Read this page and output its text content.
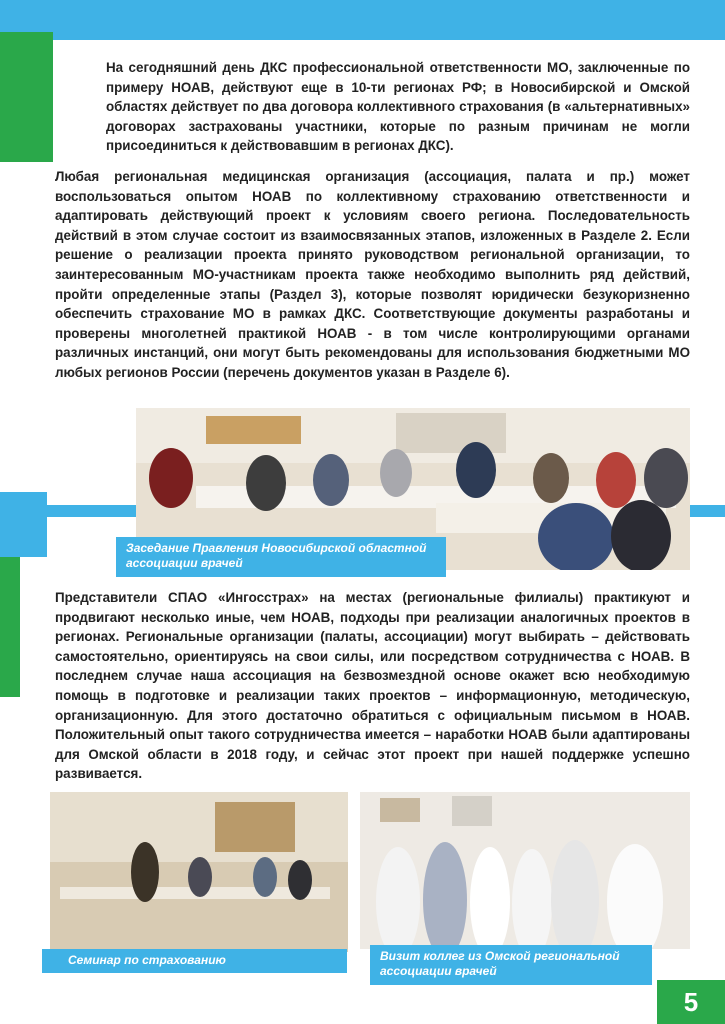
На сегодняшний день ДКС профессиональной ответственности МО, заключенные по примеру НОАВ, действуют еще в 10-ти регионах РФ; в Новосибирской и Омской областях действует по два договора коллективного страхования (в «альтернативных» договорах застрахованы участники, которые по разным причинам не могли присоединиться к действовавшим в регионах ДКС).

Любая региональная медицинская организация (ассоциация, палата и пр.) может воспользоваться опытом НОАВ по коллективному страхованию ответственности и адаптировать действующий проект к условиям своего региона. Последовательность действий в этом случае состоит из взаимосвязанных этапов, изложенных в Разделе 2. Если решение о реализации проекта принято руководством региональной организации, то заинтересованным МО-участникам проекта также необходимо выполнить ряд действий, пройти определенные этапы (Раздел 3), которые позволят юридически безукоризненно обеспечить страхование МО в рамках ДКС. Соответствующие документы разработаны и проверены многолетней практикой НОАВ - в том числе контролирующими органами различных инстанций, они могут быть рекомендованы для использования бюджетными МО любых регионов России (перечень документов указан в Разделе 6).

Заседание Правления Новосибирской областной ассоциации врачей

Представители СПАО «Ингосстрах» на местах (региональные филиалы) практикуют и продвигают несколько иные, чем НОАВ, подходы при реализации аналогичных проектов в регионах. Региональные организации (палаты, ассоциации) могут выбирать – действовать самостоятельно, ориентируясь на свои силы, или посредством сотрудничества с НОАВ. В последнем случае наша ассоциация на безвозмездной основе окажет всю необходимую помощь в подготовке и реализации таких проектов – информационную, методическую, организационную. Для этого достаточно обратиться с официальным письмом в НОАВ. Положительный опыт такого сотрудничества имеется – наработки НОАВ были адаптированы для Омской области в 2018 году, и сейчас этот проект при нашей поддержке успешно развивается.

Семинар по страхованию	Визит коллег из Омской региональной ассоциации врачей
5
